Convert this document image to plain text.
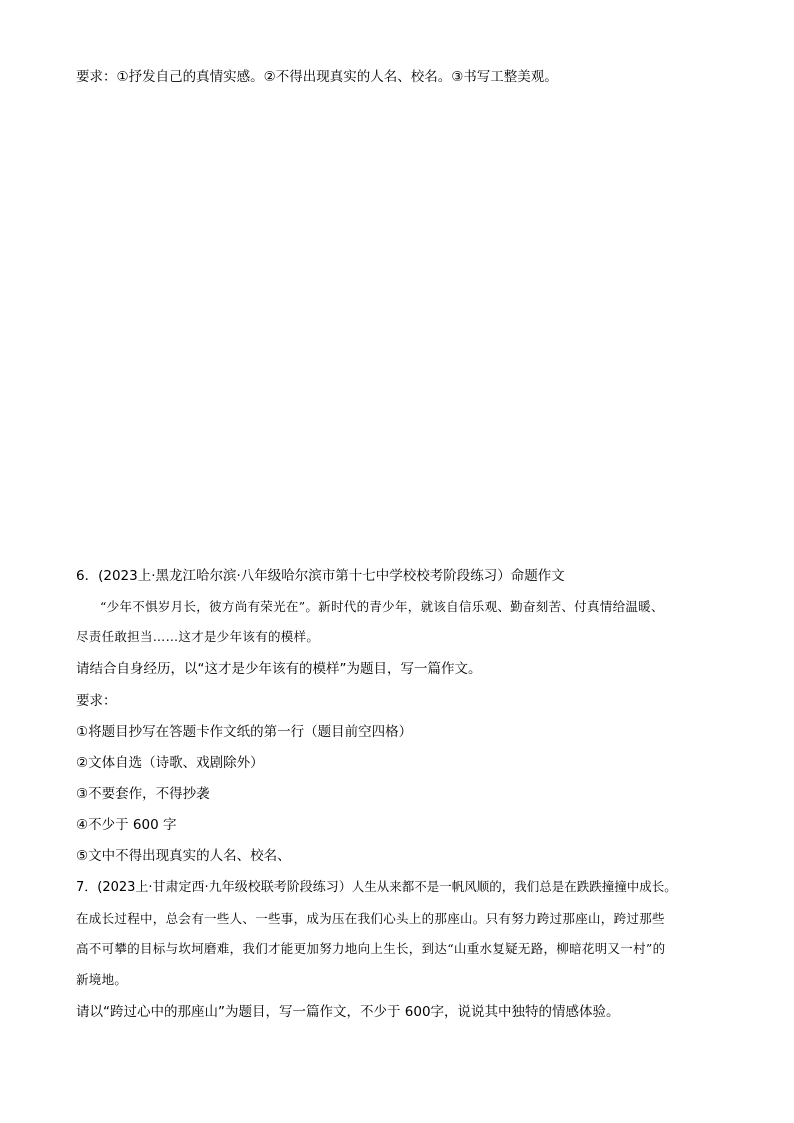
要求：①抒发自己的真情实感。②不得出现真实的人名、校名。③书写工整美观。
6．(2023上·黑龙江哈尔滨·八年级哈尔滨市第十七中学校校考阶段练习）命题作文
“少年不惧岁月长，彼方尚有荣光在”。新时代的青少年，就该自信乐观、勤奋刻苦、付真情给温暖、
尽责任敢担当……这才是少年该有的模样。
请结合自身经历，以“这才是少年该有的模样”为题目，写一篇作文。
要求：
①将题目抄写在答题卡作文纸的第一行（题目前空四格）
②文体自选（诗歌、戏剧除外）
③不要套作，不得抄袭
④不少于 600 字
⑤文中不得出现真实的人名、校名、
7．(2023上·甘肃定西·九年级校联考阶段练习）人生从来都不是一帆风顺的，我们总是在跌跌撞撞中成长。
在成长过程中，总会有一些人、一些事，成为压在我们心头上的那座山。只有努力跨过那座山，跨过那些
高不可攀的目标与坎坷磨难，我们才能更加努力地向上生长，到达“山重水复疑无路，柳暗花明又一村”的
新境地。
请以“跨过心中的那座山”为题目，写一篇作文，不少于 600字，说说其中独特的情感体验。
